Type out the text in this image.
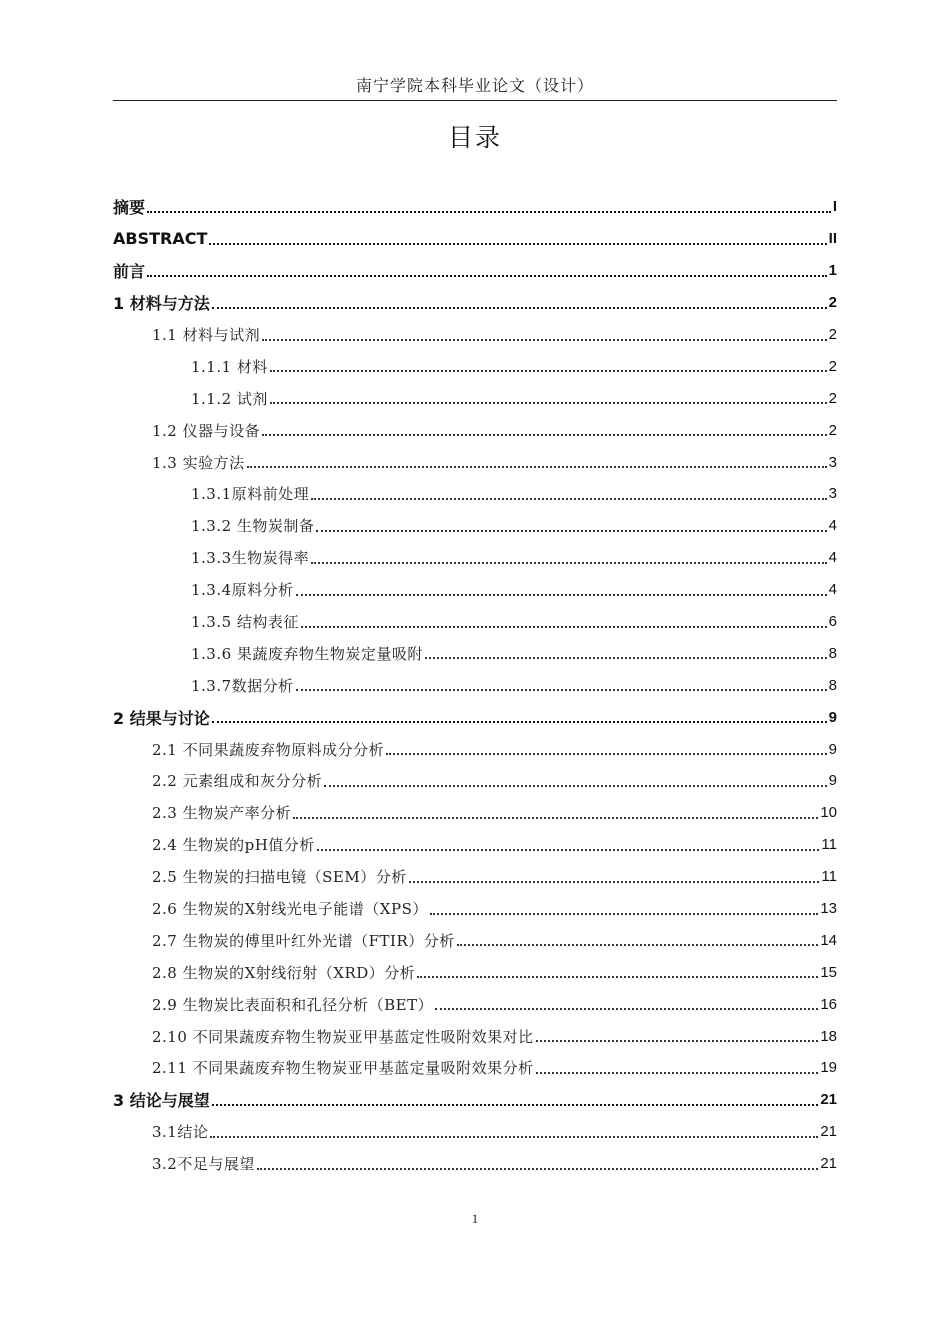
南宁学院本科毕业论文（设计）
目录
摘要	I
ABSTRACT	II
前言	1
1 材料与方法	2
1.1 材料与试剂	2
1.1.1 材料	2
1.1.2 试剂	2
1.2 仪器与设备	2
1.3 实验方法	3
1.3.1原料前处理	3
1.3.2 生物炭制备	4
1.3.3生物炭得率	4
1.3.4原料分析	4
1.3.5 结构表征	6
1.3.6 果蔬废弃物生物炭定量吸附	8
1.3.7数据分析	8
2 结果与讨论	9
2.1 不同果蔬废弃物原料成分分析	9
2.2 元素组成和灰分分析	9
2.3 生物炭产率分析	10
2.4 生物炭的pH值分析	11
2.5 生物炭的扫描电镜（SEM）分析	11
2.6 生物炭的X射线光电子能谱（XPS）	13
2.7 生物炭的傅里叶红外光谱（FTIR）分析	14
2.8 生物炭的X射线衍射（XRD）分析	15
2.9 生物炭比表面积和孔径分析（BET）	16
2.10 不同果蔬废弃物生物炭亚甲基蓝定性吸附效果对比	18
2.11 不同果蔬废弃物生物炭亚甲基蓝定量吸附效果分析	19
3 结论与展望	21
3.1结论	21
3.2不足与展望	21
1
